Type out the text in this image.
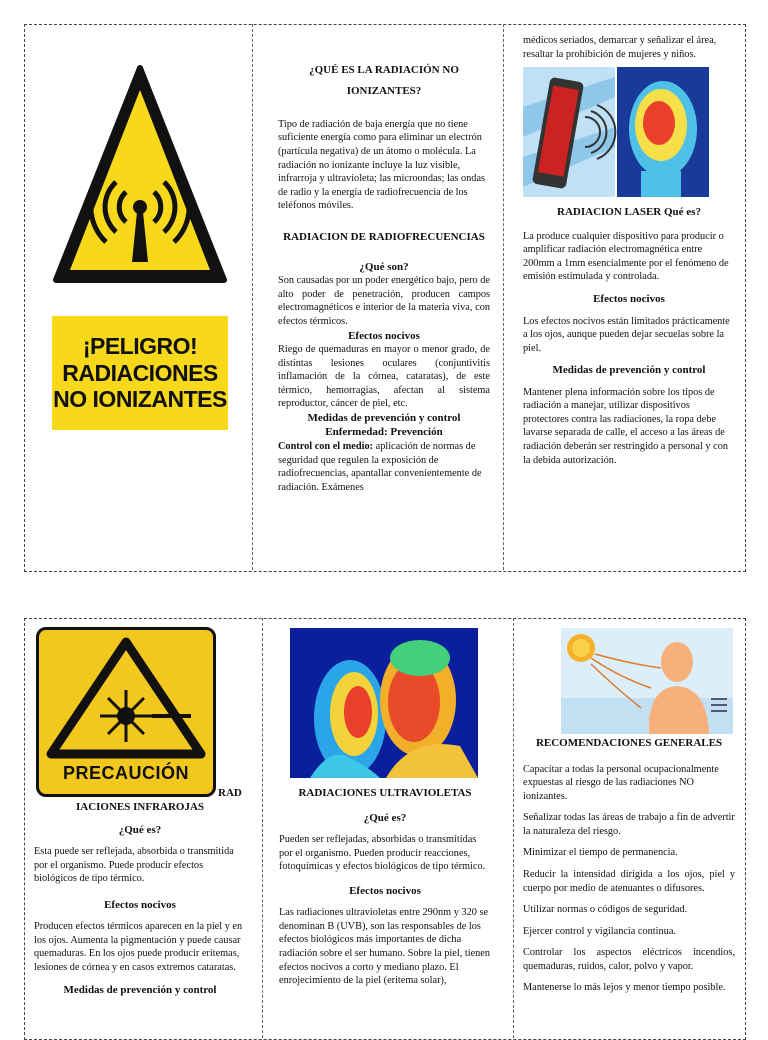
¡PELIGRO!
RADIACIONES
NO IONIZANTES
¿QUÉ ES LA RADIACIÓN NO IONIZANTES?

Tipo de radiación de baja energía que no tiene suficiente energía como para eliminar un electrón (partícula negativa) de un átomo o molécula. La radiación no ionizante incluye la luz visible, infrarroja y ultravioleta; las microondas; las ondas de radio y la energía de radiofrecuencia de los teléfonos móviles.

RADIACION DE RADIOFRECUENCIAS
¿Qué son?

Son causadas por un poder energético bajo, pero de alto poder de penetración, producen campos electromagnéticos e interior de la materia viva, con efectos térmicos.

Efectos nocivos

Riego de quemaduras en mayor o menor grado, de distintas lesiones oculares (conjuntivitis inflamación de la córnea, cataratas), de este térmico, hemorragias, afectan al sistema reproductor, cáncer de piel, etc.

Medidas de prevención y control
Enfermedad: Prevención

Control con el medio: aplicación de normas de seguridad que regulen la exposición de radiofrecuencias, apantallar convenientemente de radiación. Exámenes

médicos seriados, demarcar y señalizar el área, resaltar la prohibición de mujeres y niños.

RADIACION LASER Qué es?

La produce cualquier dispositivo para producir o amplificar radiación electromagnética entre 200mm a 1mm esencialmente por el fenómeno de emisión estimulada y controlada.

Efectos nocivos

Los efectos nocivos están limitados prácticamente a los ojos, aunque pueden dejar secuelas sobre la piel.

Medidas de prevención y control

Mantener plena información sobre los tipos de radiación a manejar, utilizar dispositivos protectores contra las radiaciones, la ropa debe lavarse separada de calle, el acceso a las áreas de radiación deberán ser restringido a personal y con la debida autorización.

PRECAUCIÓN
RAD
IACIONES INFRAROJAS
¿Qué es?

Esta puede ser reflejada, absorbida o transmitida por el organismo. Puede producir efectos biológicos de tipo térmico.

Efectos nocivos

Producen efectos térmicos aparecen en la piel y en los ojos. Aumenta la pigmentación y puede causar quemaduras. En los ojos puede producir eritemas, lesiones de córnea y en casos extremos cataratas.

Medidas de prevención y control
RADIACIONES ULTRAVIOLETAS
¿Qué es?

Pueden ser reflejadas, absorbidas o transmitidas por el organismo. Pueden producir reacciones, fotoquímicas y efectos biológicos de tipo térmico.

Efectos nocivos

Las radiaciones ultravioletas entre 290nm y 320 se denominan B (UVB), son las responsables de los efectos biológicos más importantes de dicha radiación sobre el ser humano. Sobre la piel, tienen efectos nocivos a corto y mediano plazo. El enrojecimiento de la piel (eritema solar),

RECOMENDACIONES GENERALES

Capacitar a todas la personal ocupacionalmente expuestas al riesgo de las radiaciones NO ionizantes.

Señalizar todas las áreas de trabajo a fin de advertir la naturaleza del riesgo.

Minimizar el tiempo de permanencia.

Reducir la intensidad dirigida a los ojos, piel y cuerpo por medio de atenuantes o difusores.

Utilizar normas o códigos de seguridad.

Ejercer control y vigilancia continua.

Controlar los aspectos eléctricos incendios, quemaduras, ruidos, calor, polvo y vapor.

Mantenerse lo más lejos y menor tiempo posible.
